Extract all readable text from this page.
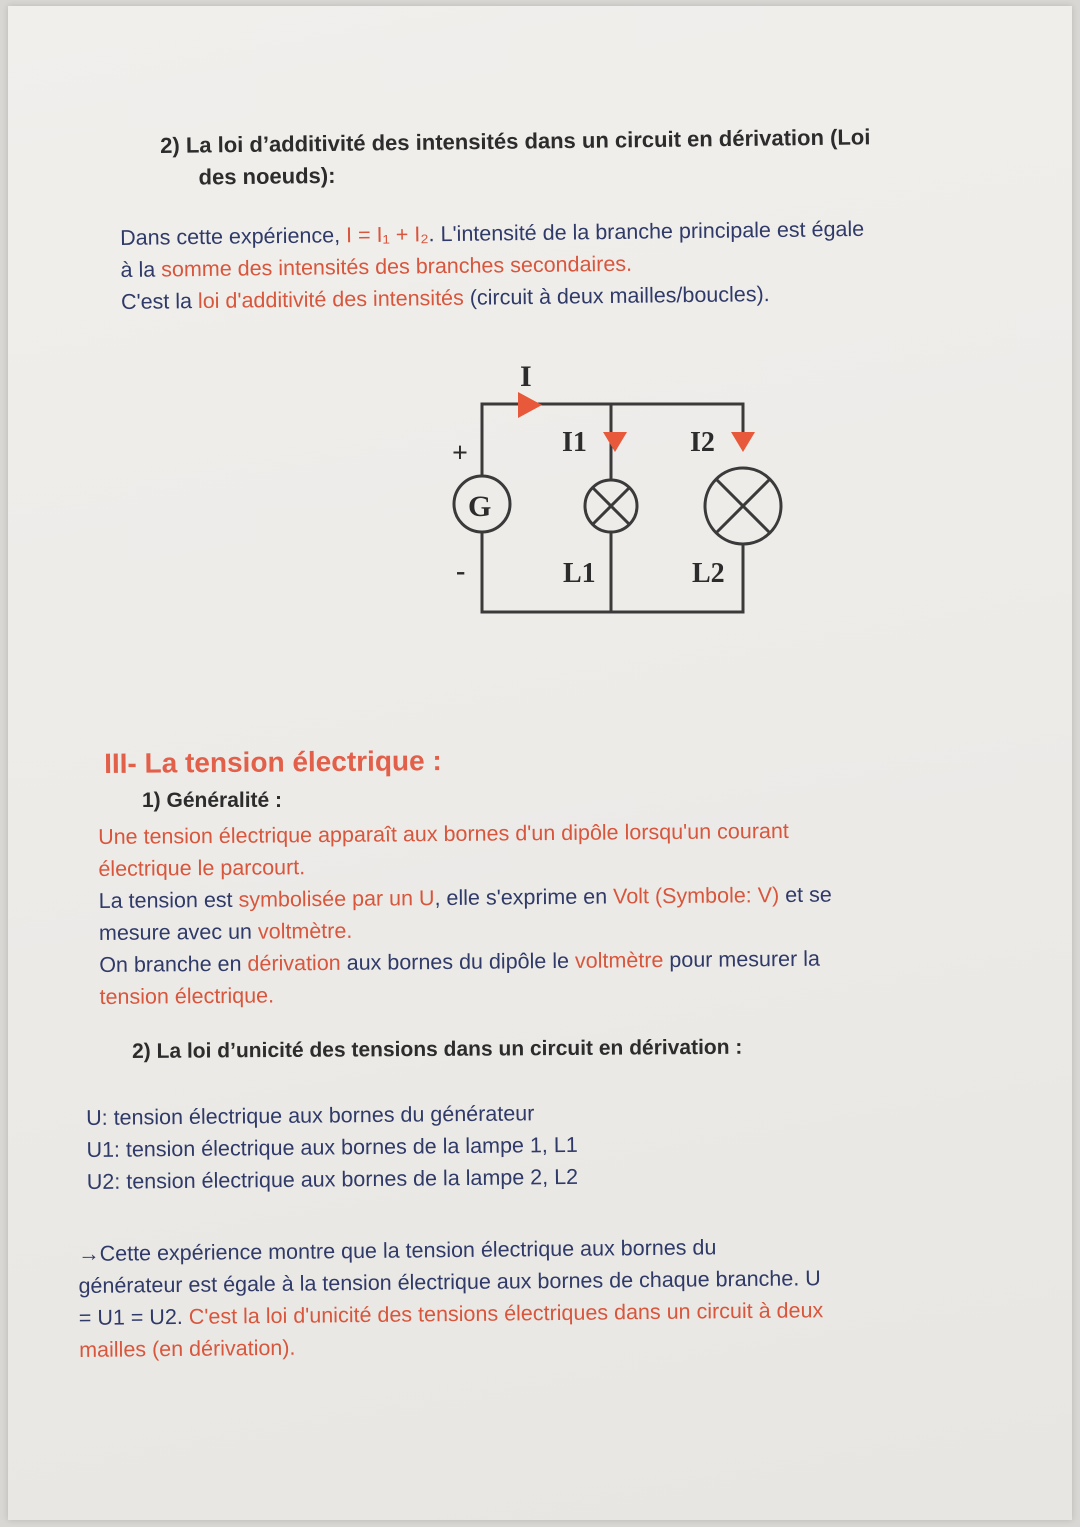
2) La loi d’additivité des intensités dans un circuit en dérivation (Loi
des noeuds):
Dans cette expérience, I = I₁ + I₂. L'intensité de la branche principale est égale
à la somme des intensités des branches secondaires.
C'est la loi d'additivité des intensités (circuit à deux mailles/boucles).
I
I1	I2
+
-
G
L1	L2
III- La tension électrique :
1) Généralité :
Une tension électrique apparaît aux bornes d'un dipôle lorsqu'un courant
électrique le parcourt.
La tension est symbolisée par un U, elle s'exprime en Volt (Symbole: V) et se
mesure avec un voltmètre.
On branche en dérivation aux bornes du dipôle le voltmètre pour mesurer la
tension électrique.
2) La loi d’unicité des tensions dans un circuit en dérivation :
U: tension électrique aux bornes du générateur
U1: tension électrique aux bornes de la lampe 1, L1
U2: tension électrique aux bornes de la lampe 2, L2
→Cette expérience montre que la tension électrique aux bornes du
générateur est égale à la tension électrique aux bornes de chaque branche. U
= U1 = U2. C'est la loi d'unicité des tensions électriques dans un circuit à deux
mailles (en dérivation).
